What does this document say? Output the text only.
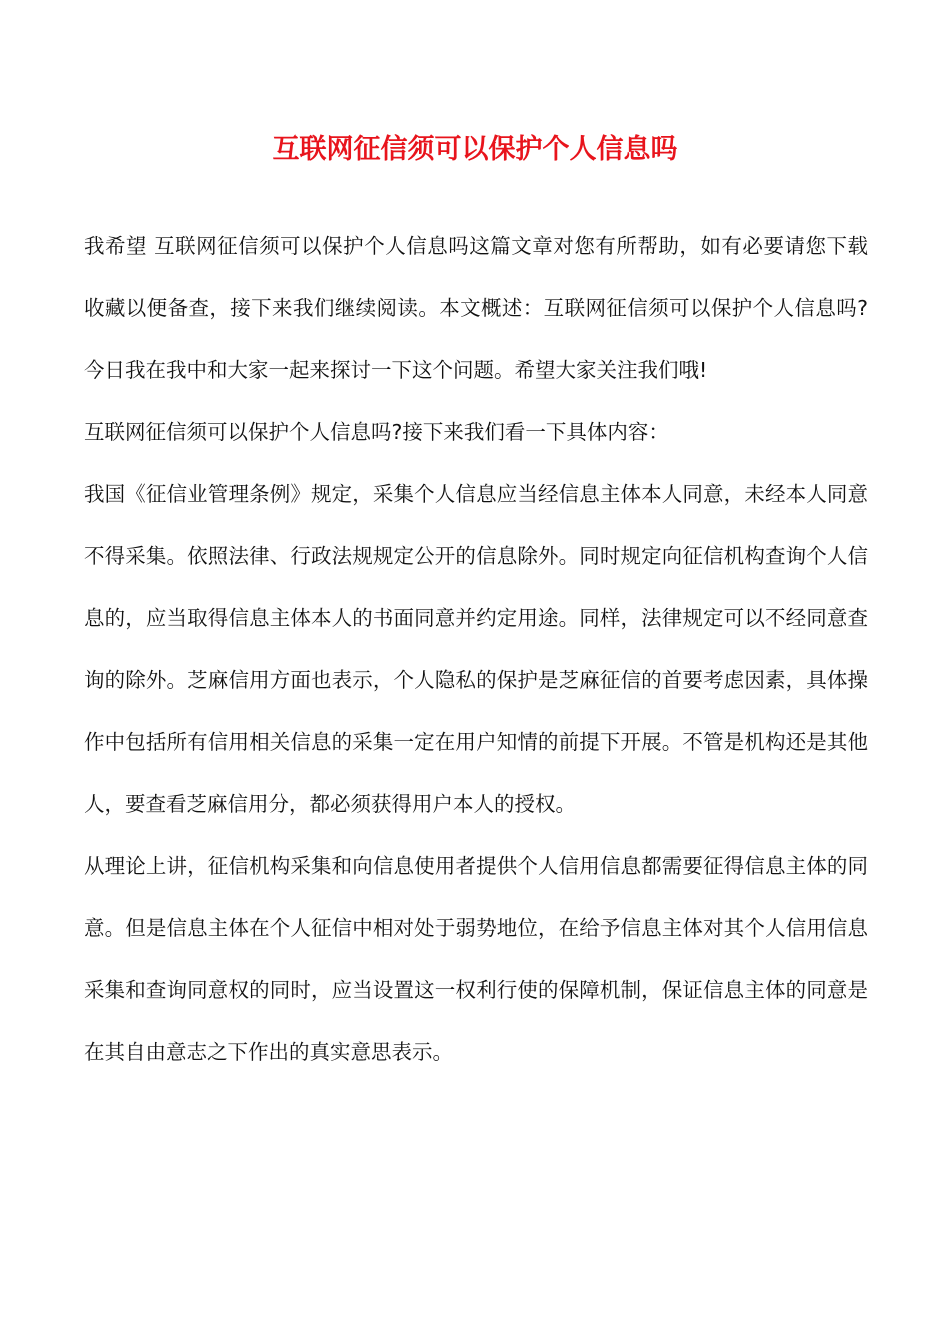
互联网征信须可以保护个人信息吗

我希望 互联网征信须可以保护个人信息吗这篇文章对您有所帮助，如有必要请您下载收藏以便备查，接下来我们继续阅读。本文概述：互联网征信须可以保护个人信息吗?今日我在我中和大家一起来探讨一下这个问题。希望大家关注我们哦!

互联网征信须可以保护个人信息吗?接下来我们看一下具体内容：

我国《征信业管理条例》规定，采集个人信息应当经信息主体本人同意，未经本人同意不得采集。依照法律、行政法规规定公开的信息除外。同时规定向征信机构查询个人信息的，应当取得信息主体本人的书面同意并约定用途。同样，法律规定可以不经同意查询的除外。芝麻信用方面也表示，个人隐私的保护是芝麻征信的首要考虑因素，具体操作中包括所有信用相关信息的采集一定在用户知情的前提下开展。不管是机构还是其他人，要查看芝麻信用分，都必须获得用户本人的授权。

从理论上讲，征信机构采集和向信息使用者提供个人信用信息都需要征得信息主体的同意。但是信息主体在个人征信中相对处于弱势地位，在给予信息主体对其个人信用信息采集和查询同意权的同时，应当设置这一权利行使的保障机制，保证信息主体的同意是在其自由意志之下作出的真实意思表示。
